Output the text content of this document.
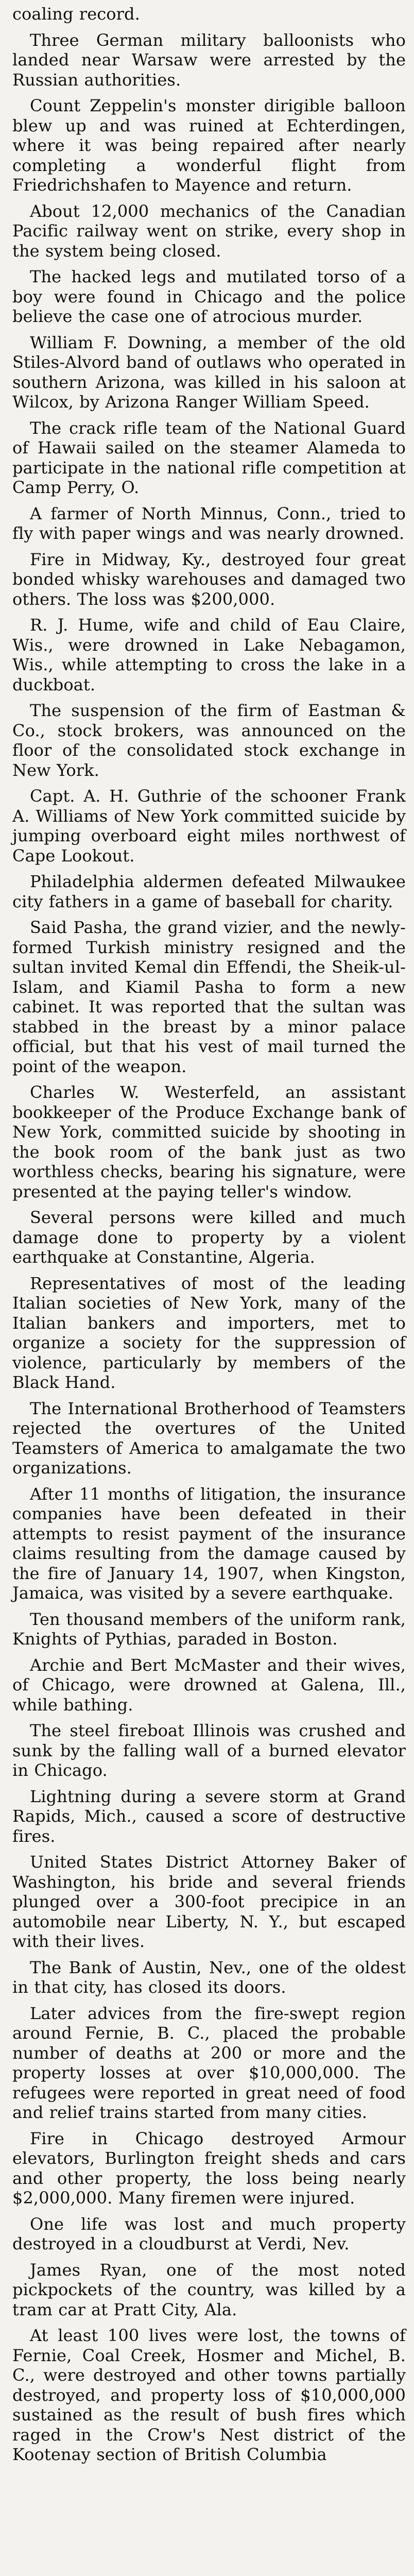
coaling record.

Three German military balloonists who landed near Warsaw were arrested by the Russian authorities.

Count Zeppelin's monster dirigible balloon blew up and was ruined at Echterdingen, where it was being repaired after nearly completing a wonderful flight from Friedrichshafen to Mayence and return.

About 12,000 mechanics of the Canadian Pacific railway went on strike, every shop in the system being closed.

The hacked legs and mutilated torso of a boy were found in Chicago and the police believe the case one of atrocious murder.

William F. Downing, a member of the old Stiles-Alvord band of outlaws who operated in southern Arizona, was killed in his saloon at Wilcox, by Arizona Ranger William Speed.

The crack rifle team of the National Guard of Hawaii sailed on the steamer Alameda to participate in the national rifle competition at Camp Perry, O.

A farmer of North Minnus, Conn., tried to fly with paper wings and was nearly drowned.

Fire in Midway, Ky., destroyed four great bonded whisky warehouses and damaged two others. The loss was $200,000.

R. J. Hume, wife and child of Eau Claire, Wis., were drowned in Lake Nebagamon, Wis., while attempting to cross the lake in a duckboat.

The suspension of the firm of Eastman & Co., stock brokers, was announced on the floor of the consolidated stock exchange in New York.

Capt. A. H. Guthrie of the schooner Frank A. Williams of New York committed suicide by jumping overboard eight miles northwest of Cape Lookout.

Philadelphia aldermen defeated Milwaukee city fathers in a game of baseball for charity.

Said Pasha, the grand vizier, and the newly-formed Turkish ministry resigned and the sultan invited Kemal din Effendi, the Sheik-ul-Islam, and Kiamil Pasha to form a new cabinet. It was reported that the sultan was stabbed in the breast by a minor palace official, but that his vest of mail turned the point of the weapon.

Charles W. Westerfeld, an assistant bookkeeper of the Produce Exchange bank of New York, committed suicide by shooting in the book room of the bank just as two worthless checks, bearing his signature, were presented at the paying teller's window.

Several persons were killed and much damage done to property by a violent earthquake at Constantine, Algeria.

Representatives of most of the leading Italian societies of New York, many of the Italian bankers and importers, met to organize a society for the suppression of violence, particularly by members of the Black Hand.

The International Brotherhood of Teamsters rejected the overtures of the United Teamsters of America to amalgamate the two organizations.

After 11 months of litigation, the insurance companies have been defeated in their attempts to resist payment of the insurance claims resulting from the damage caused by the fire of January 14, 1907, when Kingston, Jamaica, was visited by a severe earthquake.

Ten thousand members of the uniform rank, Knights of Pythias, paraded in Boston.

Archie and Bert McMaster and their wives, of Chicago, were drowned at Galena, Ill., while bathing.

The steel fireboat Illinois was crushed and sunk by the falling wall of a burned elevator in Chicago.

Lightning during a severe storm at Grand Rapids, Mich., caused a score of destructive fires.

United States District Attorney Baker of Washington, his bride and several friends plunged over a 300-foot precipice in an automobile near Liberty, N. Y., but escaped with their lives.

The Bank of Austin, Nev., one of the oldest in that city, has closed its doors.

Later advices from the fire-swept region around Fernie, B. C., placed the probable number of deaths at 200 or more and the property losses at over $10,000,000. The refugees were reported in great need of food and relief trains started from many cities.

Fire in Chicago destroyed Armour elevators, Burlington freight sheds and cars and other property, the loss being nearly $2,000,000. Many firemen were injured.

One life was lost and much property destroyed in a cloudburst at Verdi, Nev.

James Ryan, one of the most noted pickpockets of the country, was killed by a tram car at Pratt City, Ala.

At least 100 lives were lost, the towns of Fernie, Coal Creek, Hosmer and Michel, B. C., were destroyed and other towns partially destroyed, and property loss of $10,000,000 sustained as the result of bush fires which raged in the Crow's Nest district of the Kootenay section of British Columbia
